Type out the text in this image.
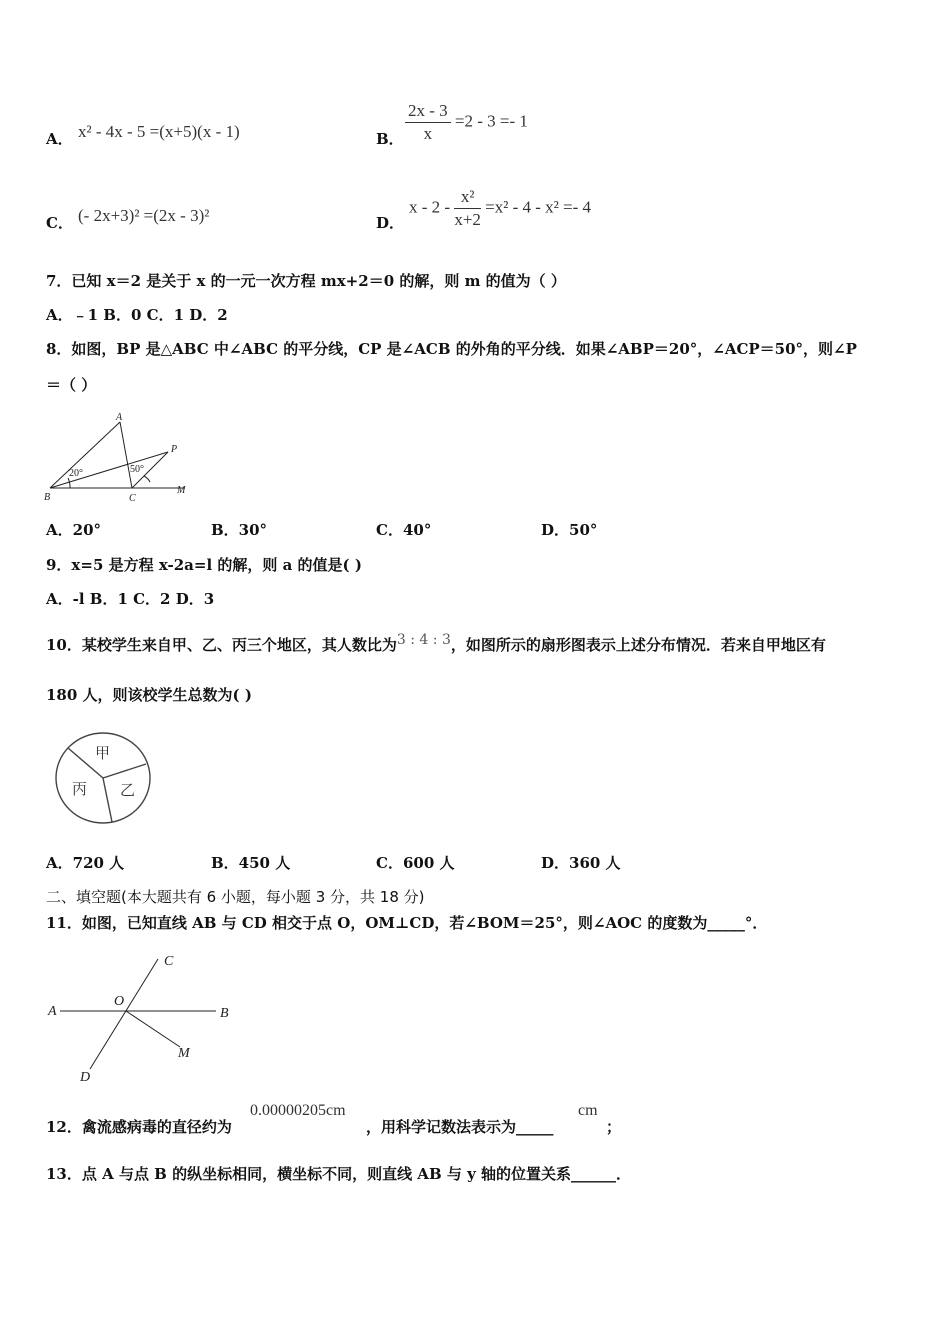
A． x² - 4x - 5 =(x+5)(x - 1)	B． $\frac{2x - 3}{x} =2 - 3 =- 1$
C． (- 2x+3)² =(2x - 3)²	D．
$x - 2 - \frac{\text{x²}}{x+2} =x^2 - 4 - x^2 =- 4$
7．已知 x＝2 是关于 x 的一元一次方程 mx+2＝0 的解，则 m 的值为（ ）
A．﹣1 B．0 C．1 D．2
8．如图，BP 是△ABC 中∠ABC 的平分线，CP 是∠ACB 的外角的平分线．如果∠ABP＝20°，∠ACP＝50°，则∠P
＝（ ）
A
B	C
P
M
20°	50°
A．20°	B．30°	C．40°	D．50°
9．x=5 是方程 x-2a=l 的解，则 a 的值是( )
A．-l B．1 C．2 D．3
10．某校学生来自甲、乙、丙三个地区，其人数比为3 : 4 : 3，如图所示的扇形图表示上述分布情况．若来自甲地区有
180 人，则该校学生总数为( )
甲
乙
丙
A．720 人	B．450 人	C．600 人	D．360 人
二、填空题(本大题共有 6 小题，每小题 3 分，共 18 分)
11．如图，已知直线 AB 与 CD 相交于点 O，OM⊥CD，若∠BOM＝25°，则∠AOC 的度数为_____°．
A	B
C
D
O
M
12．禽流感病毒的直径约为
0.00000205cm
，用科学记数法表示为_____
cm
；
13．点 A 与点 B 的纵坐标相同，横坐标不同，则直线 AB 与 y 轴的位置关系______．
